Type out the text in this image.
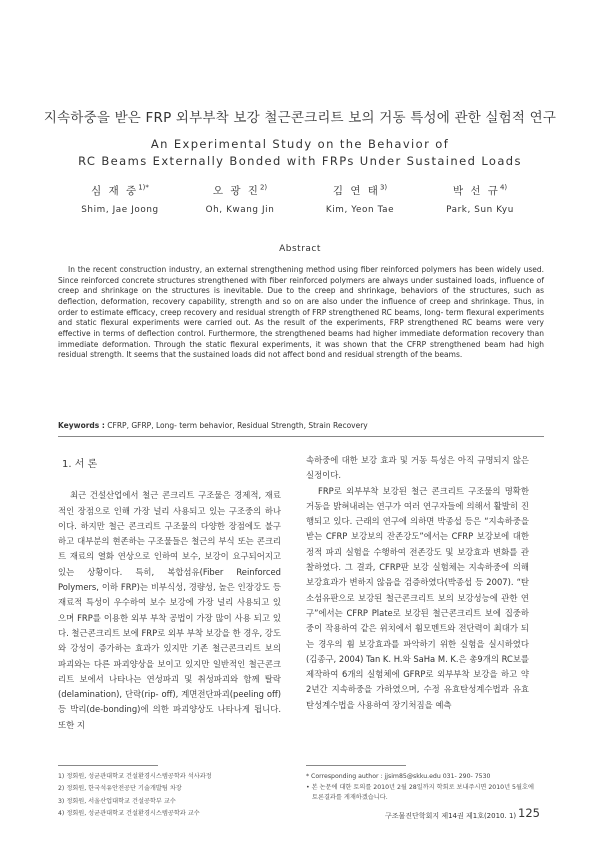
지속하중을 받은 FRP 외부부착 보강 철근콘크리트 보의 거동 특성에 관한 실험적 연구
An Experimental Study on the Behavior of
RC Beams Externally Bonded with FRPs Under Sustained Loads
심 재 중$^{1)*}$
Shim, Jae Joong
오 광 진$^{2)}$
Oh, Kwang Jin
김 연 태$^{3)}$
Kim, Yeon Tae
박 선 규$^{4)}$
Park, Sun Kyu
Abstract
In the recent construction industry, an external strengthening method using fiber reinforced polymers has been widely used. Since reinforced concrete structures strengthened with fiber reinforced polymers are always under sustained loads, influence of creep and shrinkage on the structures is inevitable. Due to the creep and shrinkage, behaviors of the structures, such as deflection, deformation, recovery capability, strength and so on are also under the influence of creep and shrinkage. Thus, in order to estimate efficacy, creep recovery and residual strength of FRP strengthened RC beams, long- term flexural experiments and static flexural experiments were carried out. As the result of the experiments, FRP strengthened RC beams were very effective in terms of deflection control. Furthermore, the strengthened beams had higher immediate deformation recovery than immediate deformation. Through the static flexural experiments, it was shown that the CFRP strengthened beam had high residual strength. It seems that the sustained loads did not affect bond and residual strength of the beams.
Keywords : CFRP, GFRP, Long- term behavior, Residual Strength, Strain Recovery
1. 서 론

최근 건설산업에서 철근 콘크리트 구조물은 경제적, 재료적인 장점으로 인해 가장 널리 사용되고 있는 구조중의 하나이다. 하지만 철근 콘크리트 구조물의 다양한 장점에도 불구하고 대부분의 현존하는 구조물들은 철근의 부식 또는 콘크리트 재료의 열화 연상으로 인하여 보수, 보강이 요구되어지고 있는 상황이다. 특히, 복합섬유(Fiber Reinforced Polymers, 이하 FRP)는 비부식성, 경량성, 높은 인장강도 등 재료적 특성이 우수하여 보수 보강에 가장 널리 사용되고 있으며 FRP를 이용한 외부 부착 공법이 가장 많이 사용 되고 있다. 철근콘크리트 보에 FRP로 외부 부착 보강을 한 경우, 강도와 강성이 증가하는 효과가 있지만 기존 철근콘크리트 보의 파괴와는 다른 파괴양상을 보이고 있지만 일반적인 철근콘크리트 보에서 나타나는 연성파괴 및 취성파괴와 함께 탈락(delamination), 단락(rip- off), 계면전단파괴(peeling off)등 박리(de-bonding)에 의한 파괴양상도 나타나게 됩니다. 또한 지

속하중에 대한 보강 효과 및 거동 특성은 아직 규명되지 않은 실정이다.

FRP로 외부부착 보강된 철근 콘크리트 구조물의 명확한 거동을 밝혀내려는 연구가 여러 연구자들에 의해서 활발히 진행되고 있다. 근래의 연구에 의하면 박종섭 등은 “지속하중을 받는 CFRP 보강보의 잔존강도”에서는 CFRP 보강보에 대한 정적 파괴 실험을 수행하여 전존강도 및 보강효과 변화를 관찰하였다. 그 결과, CFRP판 보강 실험체는 지속하중에 의해 보강효과가 변하지 않음을 검증하였다(박종섭 등 2007). “탄소섬유판으로 보강된 철근콘크리트 보의 보강성능에 관한 연구”에서는 CFRP Plate로 보강된 철근콘크리트 보에 집중하중이 작용하여 같은 위치에서 휨모멘트와 전단력이 최대가 되는 경우의 휨 보강효과를 파악하기 위한 실험을 실시하였다(김종구, 2004) Tan K. H.와 SaHa M. K.은 총9개의 RC보를 제작하여 6개의 실험체에 GFRP로 외부부착 보강을 하고 약 2년간 지속하중을 가하였으며, 수정 유효탄성계수법과 유효탄성계수법을 사용하여 장기처짐을 예측

1) 정회원, 성균관대학교 건설환경시스템공학과 석사과정
2) 정회원, 한국석유안전공단 기술개발팀 차장
3) 정회원, 서울산업대학교 건설공학부 교수
4) 정회원, 성균관대학교 건설환경시스템공학과 교수
* Corresponding author : jjsim85@skku.edu 031- 290- 7530
• 본 논문에 대한 토의를 2010년 2월 28일까지 학회로 보내주시면 2010년 5월호에 토론결과를 게재하겠습니다.
구조물진단학회지 제14권 제1호(2010. 1) 125
